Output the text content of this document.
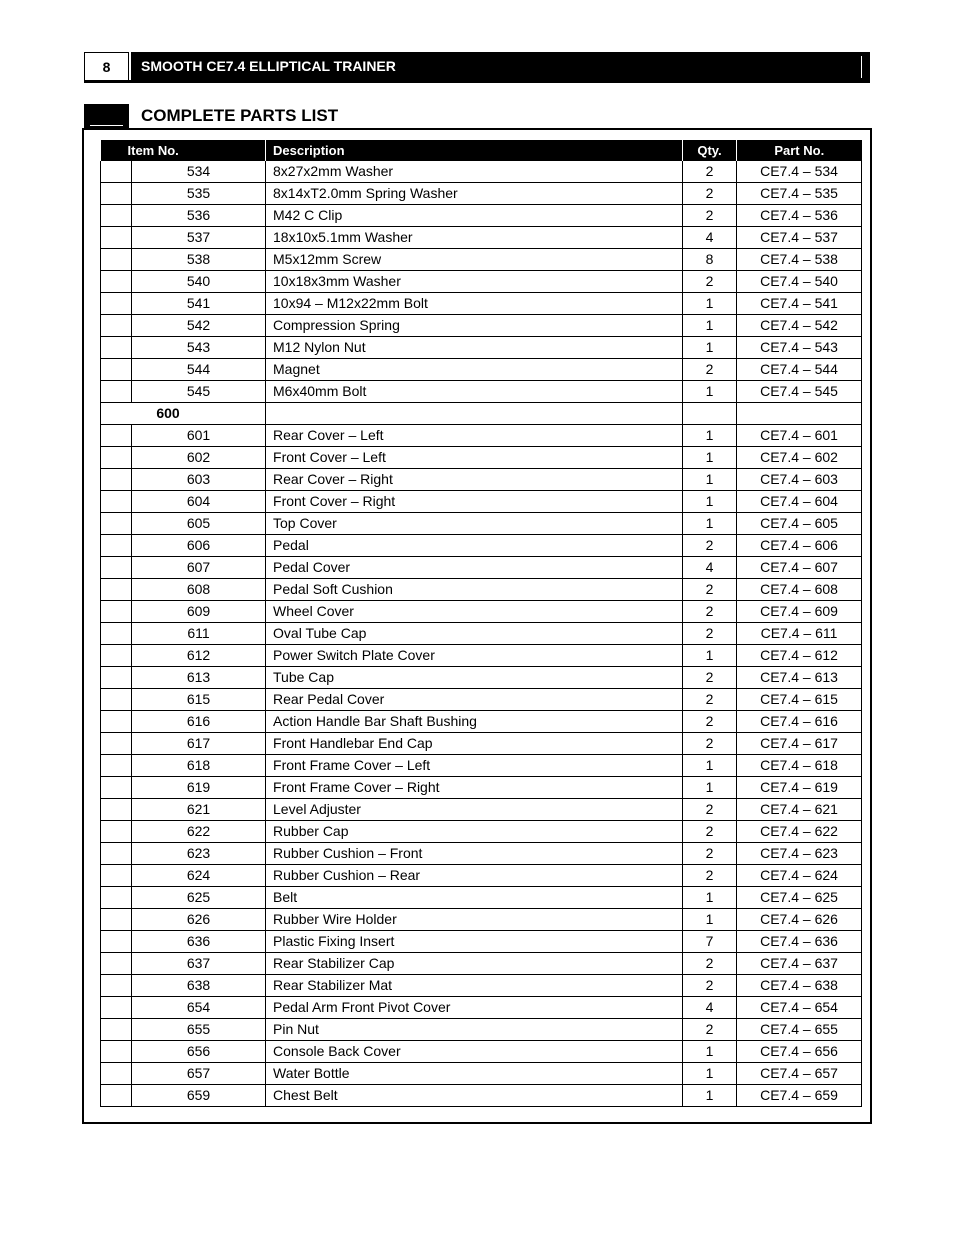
8	SMOOTH CE7.4 ELLIPTICAL TRAINER
COMPLETE PARTS LIST
Item No.		Description	Qty.	Part No.
	534	8x27x2mm Washer	2	CE7.4 – 534
	535	8x14xT2.0mm Spring Washer	2	CE7.4 – 535
	536	M42 C Clip	2	CE7.4 – 536
	537	18x10x5.1mm Washer	4	CE7.4 – 537
	538	M5x12mm Screw	8	CE7.4 – 538
	540	10x18x3mm Washer	2	CE7.4 – 540
	541	10x94 – M12x22mm Bolt	1	CE7.4 – 541
	542	Compression Spring	1	CE7.4 – 542
	543	M12 Nylon Nut	1	CE7.4 – 543
	544	Magnet	2	CE7.4 – 544
	545	M6x40mm Bolt	1	CE7.4 – 545
600				
	601	Rear Cover – Left	1	CE7.4 – 601
	602	Front Cover – Left	1	CE7.4 – 602
	603	Rear Cover – Right	1	CE7.4 – 603
	604	Front Cover – Right	1	CE7.4 – 604
	605	Top Cover	1	CE7.4 – 605
	606	Pedal	2	CE7.4 – 606
	607	Pedal Cover	4	CE7.4 – 607
	608	Pedal Soft Cushion	2	CE7.4 – 608
	609	Wheel Cover	2	CE7.4 – 609
	611	Oval Tube Cap	2	CE7.4 – 611
	612	Power Switch Plate Cover	1	CE7.4 – 612
	613	Tube Cap	2	CE7.4 – 613
	615	Rear Pedal Cover	2	CE7.4 – 615
	616	Action Handle Bar Shaft Bushing	2	CE7.4 – 616
	617	Front Handlebar End Cap	2	CE7.4 – 617
	618	Front Frame Cover – Left	1	CE7.4 – 618
	619	Front Frame Cover – Right	1	CE7.4 – 619
	621	Level Adjuster	2	CE7.4 – 621
	622	Rubber Cap	2	CE7.4 – 622
	623	Rubber Cushion – Front	2	CE7.4 – 623
	624	Rubber Cushion – Rear	2	CE7.4 – 624
	625	Belt	1	CE7.4 – 625
	626	Rubber Wire Holder	1	CE7.4 – 626
	636	Plastic Fixing Insert	7	CE7.4 – 636
	637	Rear Stabilizer Cap	2	CE7.4 – 637
	638	Rear Stabilizer Mat	2	CE7.4 – 638
	654	Pedal Arm Front Pivot Cover	4	CE7.4 – 654
	655	Pin Nut	2	CE7.4 – 655
	656	Console Back Cover	1	CE7.4 – 656
	657	Water Bottle	1	CE7.4 – 657
	659	Chest Belt	1	CE7.4 – 659
